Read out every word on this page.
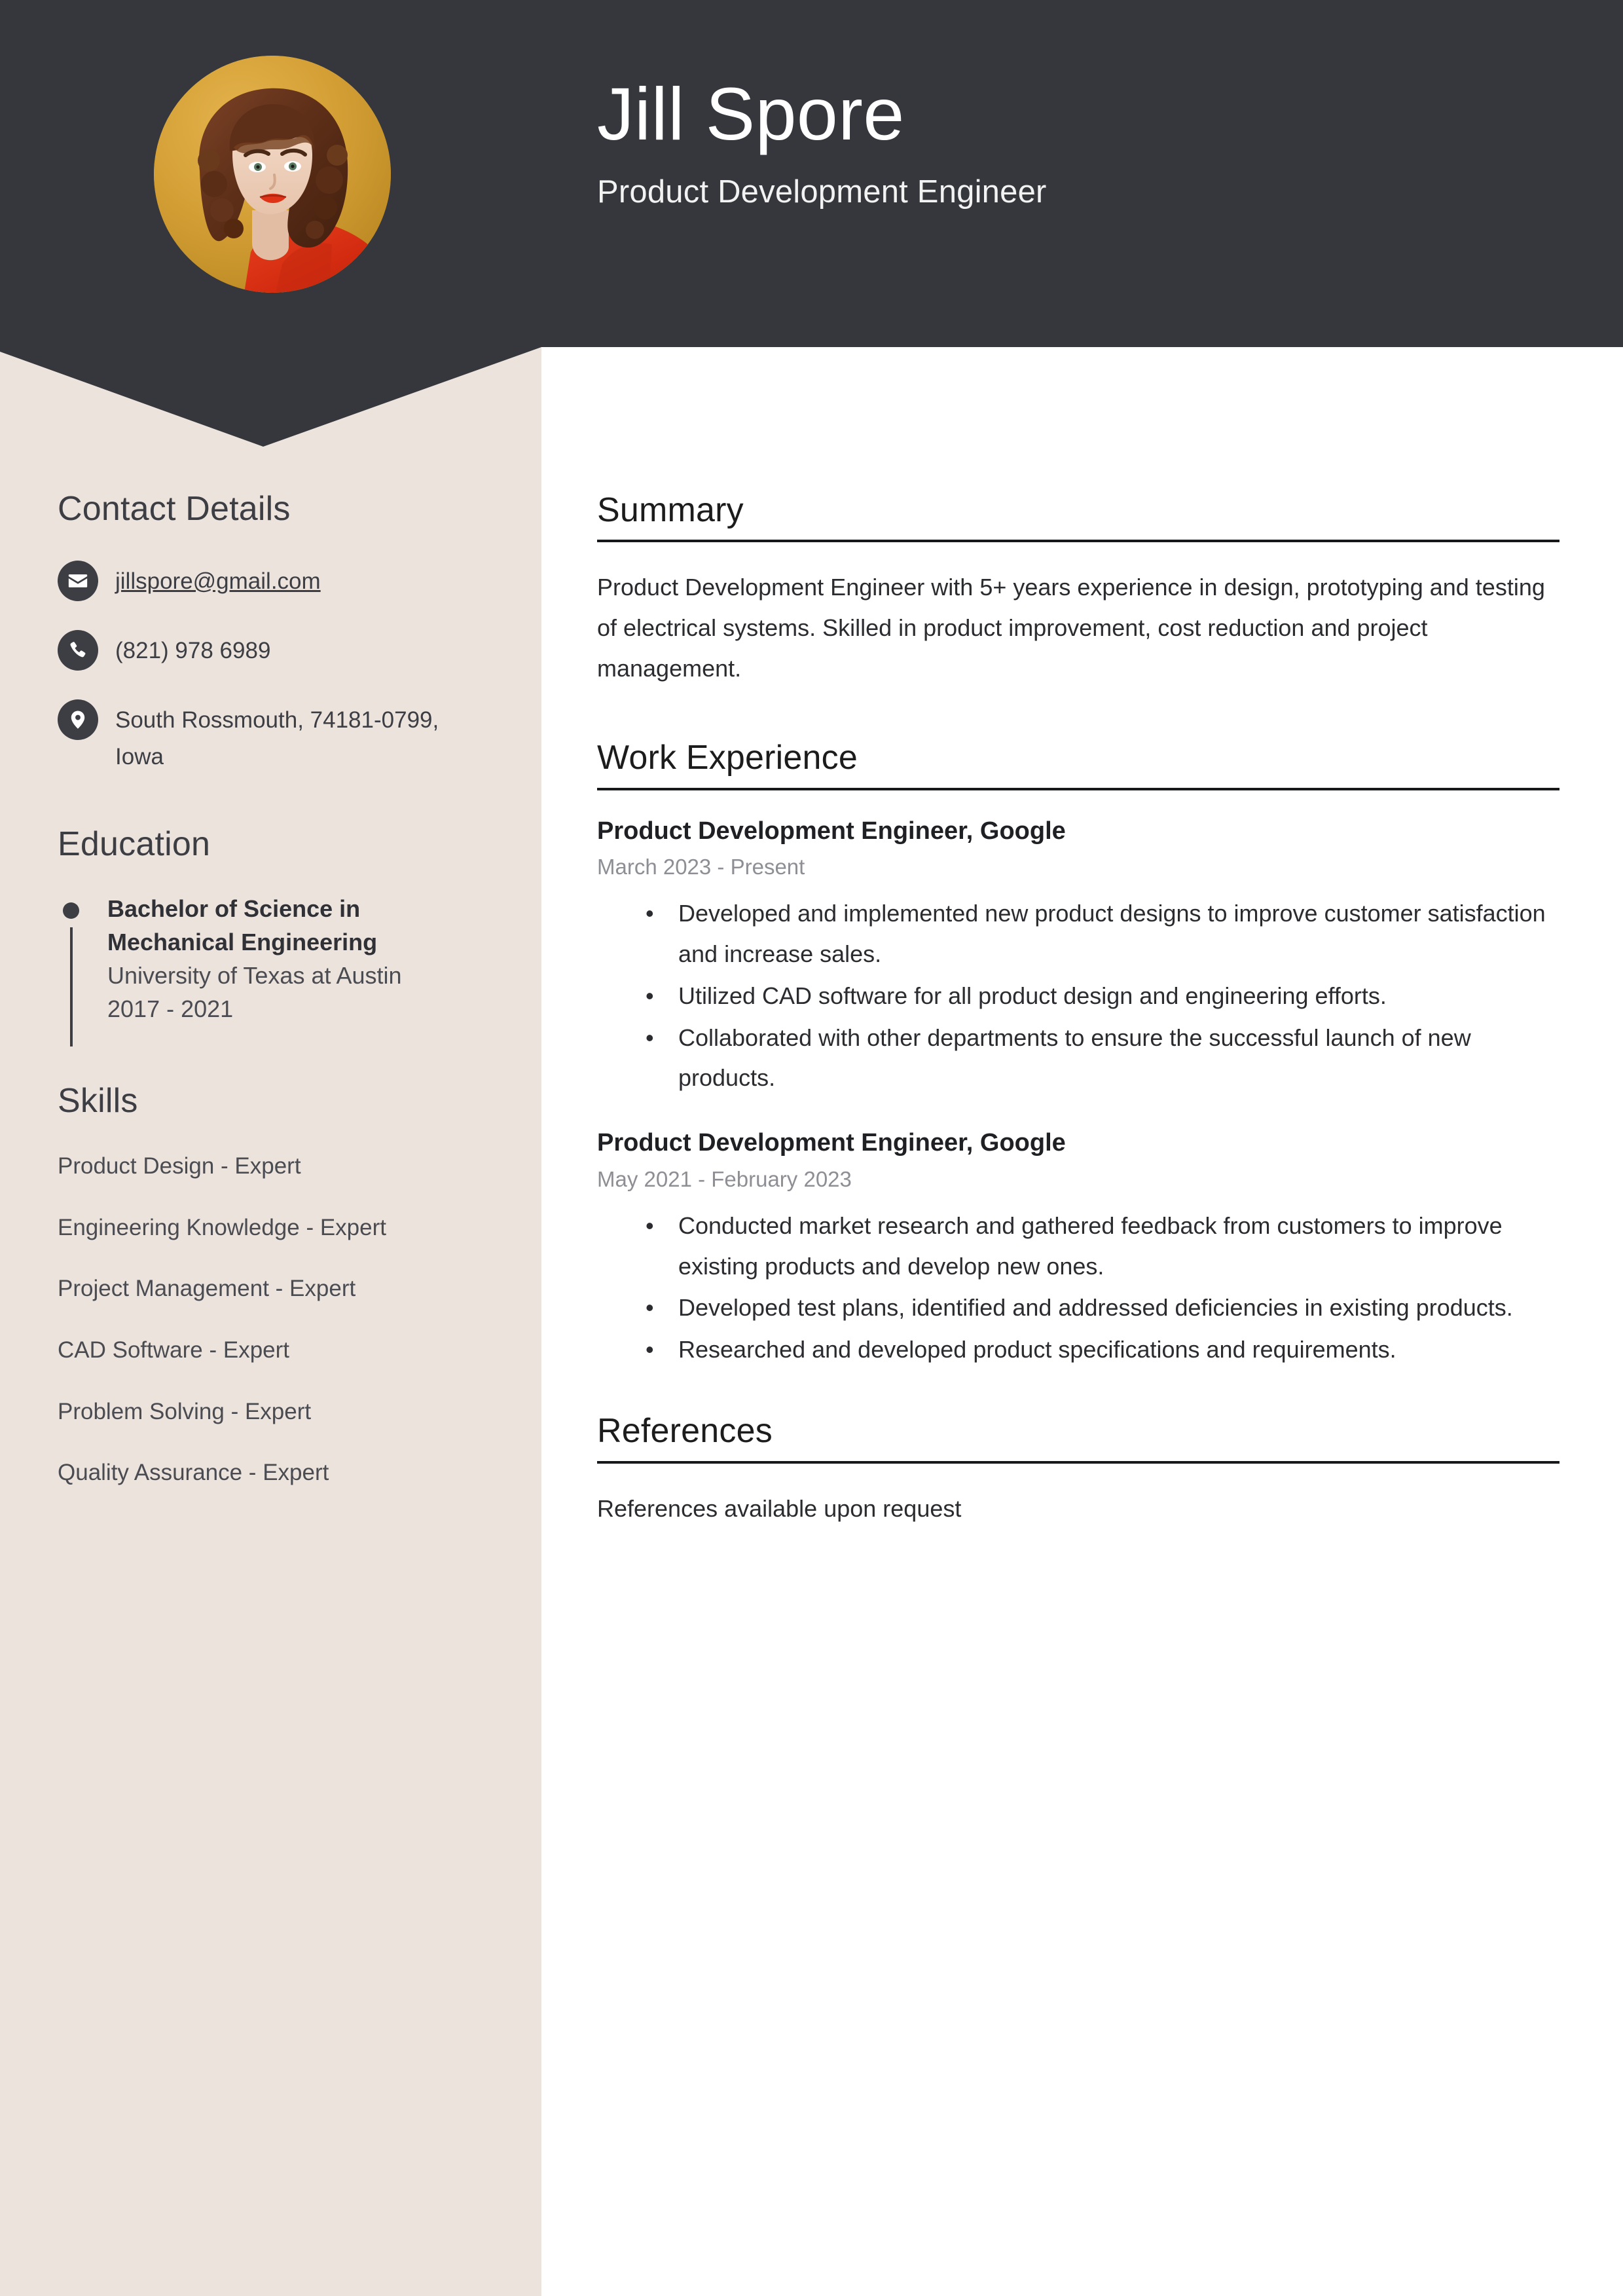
Jill Spore
Product Development Engineer
Contact Details
jillspore@gmail.com
(821) 978 6989
South Rossmouth, 74181-0799, Iowa
Education
Bachelor of Science in Mechanical Engineering
University of Texas at Austin
2017 - 2021
Skills
Product Design - Expert
Engineering Knowledge - Expert
Project Management - Expert
CAD Software - Expert
Problem Solving - Expert
Quality Assurance - Expert
Summary
Product Development Engineer with 5+ years experience in design, prototyping and testing of electrical systems. Skilled in product improvement, cost reduction and project management.
Work Experience
Product Development Engineer, Google
March 2023 - Present
• Developed and implemented new product designs to improve customer satisfaction and increase sales.
• Utilized CAD software for all product design and engineering efforts.
• Collaborated with other departments to ensure the successful launch of new products.
Product Development Engineer, Google
May 2021 - February 2023
• Conducted market research and gathered feedback from customers to improve existing products and develop new ones.
• Developed test plans, identified and addressed deficiencies in existing products.
• Researched and developed product specifications and requirements.
References
References available upon request
